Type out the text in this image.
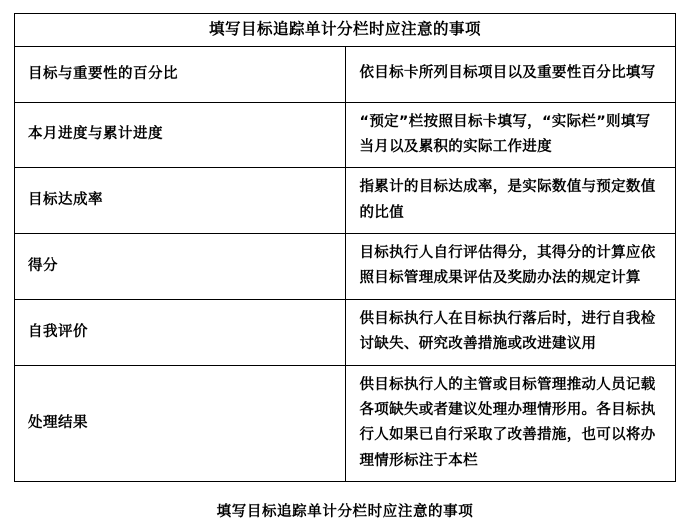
填写目标追踪单计分栏时应注意的事项	
目标与重要性的百分比	依目标卡所列目标项目以及重要性百分比填写
本月进度与累计进度	“预定”栏按照目标卡填写，“实际栏”则填写当月以及累积的实际工作进度
目标达成率	指累计的目标达成率，是实际数值与预定数值的比值
得分	目标执行人自行评估得分，其得分的计算应依照目标管理成果评估及奖励办法的规定计算
自我评价	供目标执行人在目标执行落后时，进行自我检讨缺失、研究改善措施或改进建议用
处理结果	供目标执行人的主管或目标管理推动人员记载各项缺失或者建议处理办理情形用。各目标执行人如果已自行采取了改善措施，也可以将办理情形标注于本栏
填写目标追踪单计分栏时应注意的事项
